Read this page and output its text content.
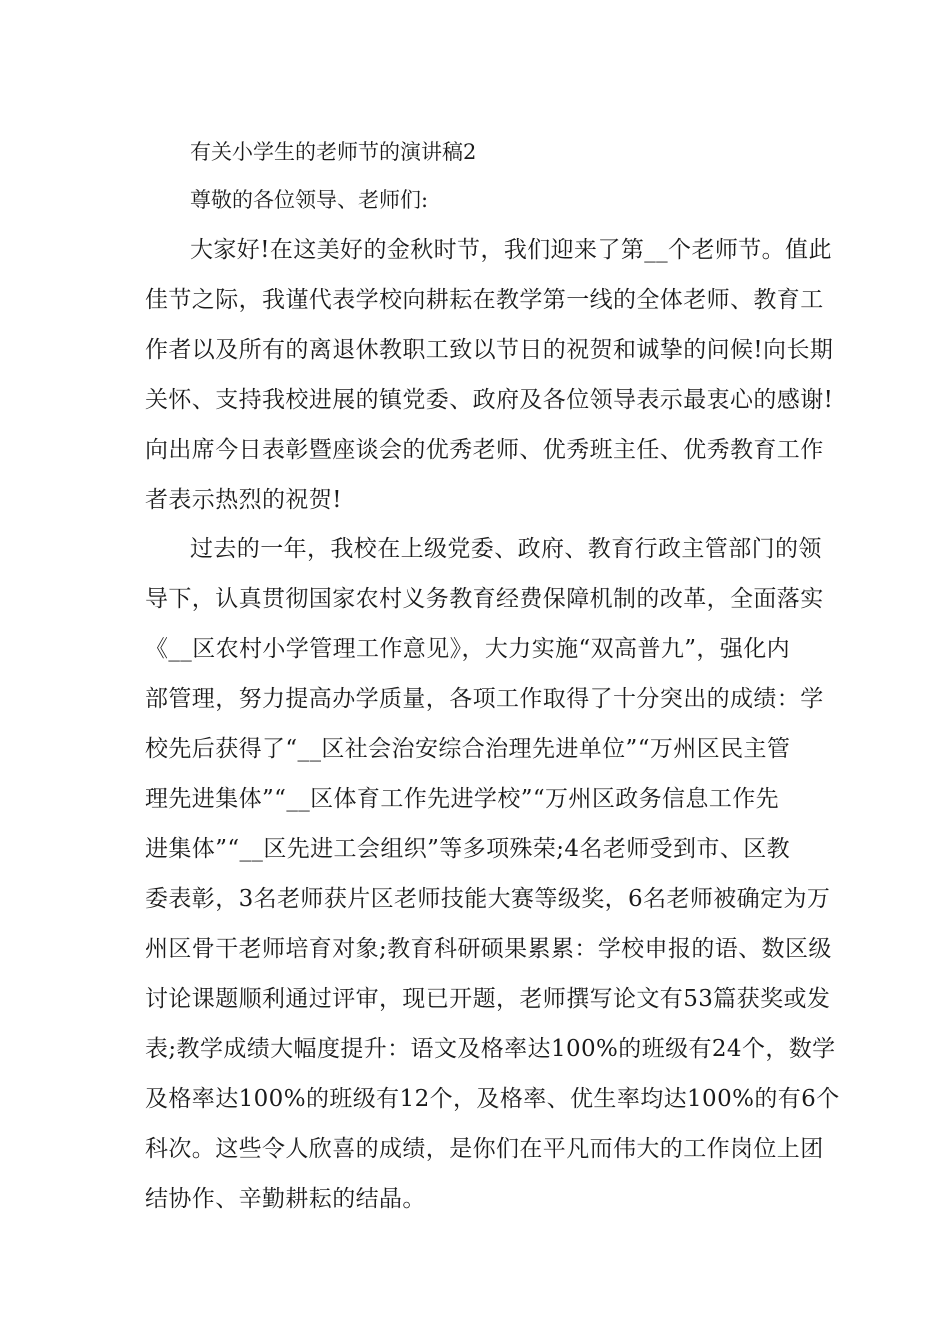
有关小学生的老师节的演讲稿2
尊敬的各位领导、老师们:
大家好!在这美好的金秋时节，我们迎来了第__个老师节。值此
佳节之际，我谨代表学校向耕耘在教学第一线的全体老师、教育工
作者以及所有的离退休教职工致以节日的祝贺和诚挚的问候!向长期
关怀、支持我校进展的镇党委、政府及各位领导表示最衷心的感谢!
向出席今日表彰暨座谈会的优秀老师、优秀班主任、优秀教育工作
者表示热烈的祝贺!
过去的一年，我校在上级党委、政府、教育行政主管部门的领
导下，认真贯彻国家农村义务教育经费保障机制的改革，全面落实
《__区农村小学管理工作意见》，大力实施“双高普九”，强化内
部管理，努力提高办学质量，各项工作取得了十分突出的成绩：学
校先后获得了“__区社会治安综合治理先进单位”“万州区民主管
理先进集体”“__区体育工作先进学校”“万州区政务信息工作先
进集体”“__区先进工会组织”等多项殊荣;4名老师受到市、区教
委表彰，3名老师获片区老师技能大赛等级奖，6名老师被确定为万
州区骨干老师培育对象;教育科研硕果累累：学校申报的语、数区级
讨论课题顺利通过评审，现已开题，老师撰写论文有53篇获奖或发
表;教学成绩大幅度提升：语文及格率达100%的班级有24个，数学
及格率达100%的班级有12个，及格率、优生率均达100%的有6个
科次。这些令人欣喜的成绩，是你们在平凡而伟大的工作岗位上团
结协作、辛勤耕耘的结晶。
